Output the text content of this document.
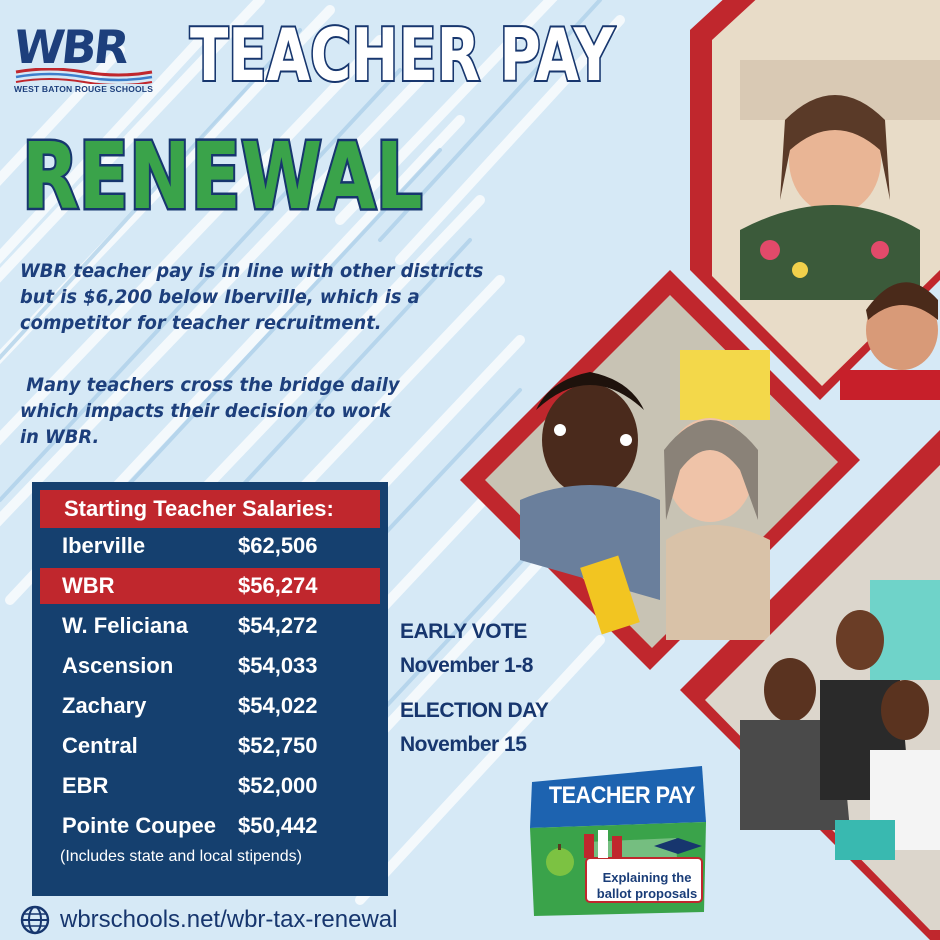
WBR
WEST BATON ROUGE SCHOOLS TEACHER PAY
RENEWAL
WBR teacher pay is in line with other districts
but is $6,200 below Iberville, which is a
competitor for teacher recruitment.
Many teachers cross the bridge daily
which impacts their decision to work
in WBR.
Starting Teacher Salaries:
Iberville	$62,506
WBR	$56,274
W. Feliciana $54,272
Ascension	$54,033
Zachary	$54,022
Central	$52,750
EBR	$52,000
Pointe Coupee $50,442
(Includes state and local stipends)
EARLY VOTE
November 1-8
ELECTION DAY
November 15
TEACHER PAY
Explaining the
ballot proposals
wbrschools.net/wbr-tax-renewal
